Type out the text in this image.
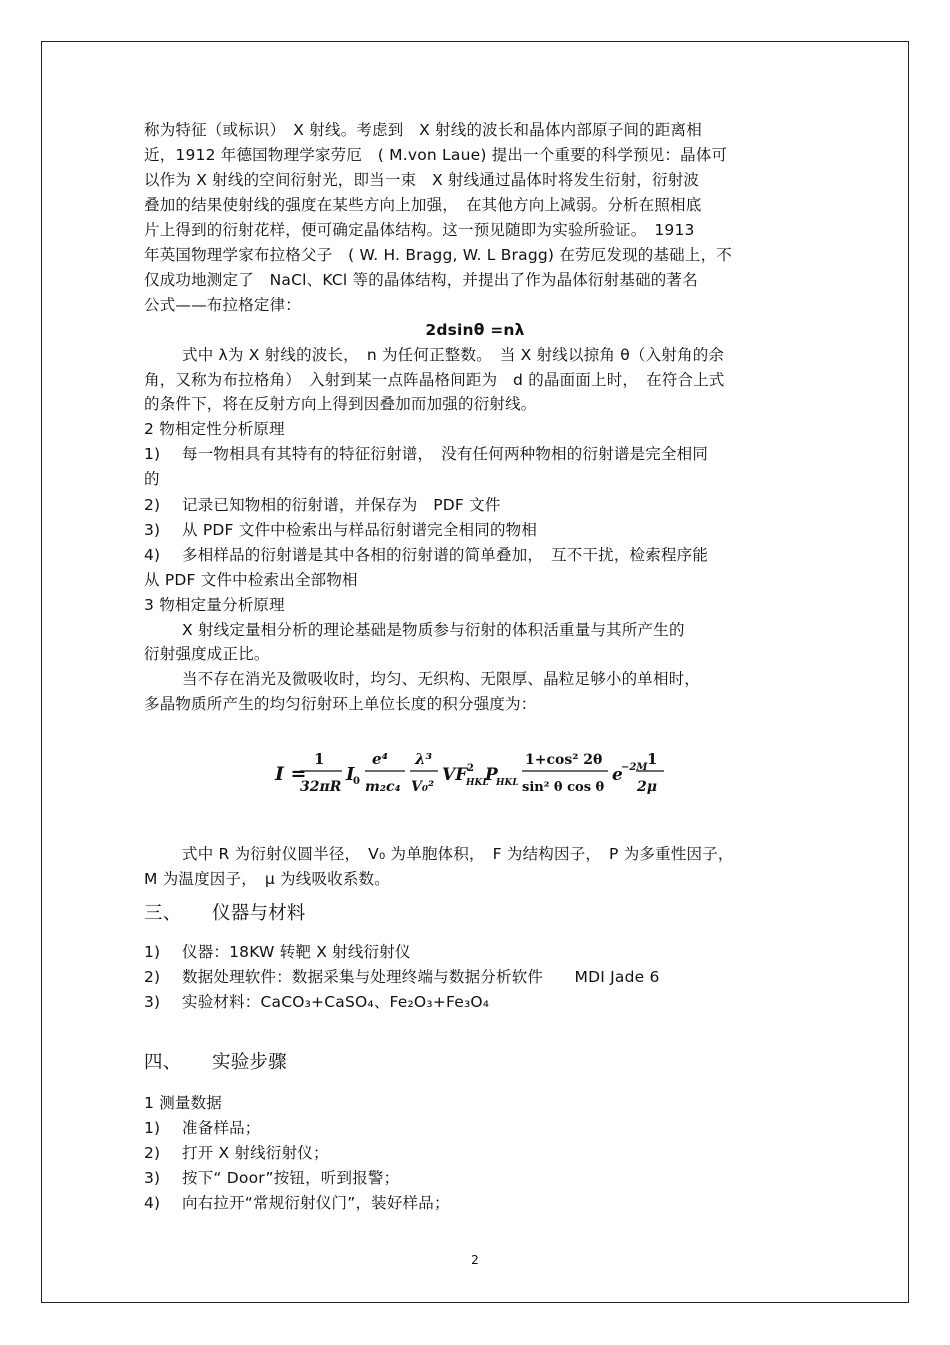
称为特征（或标识）　X 射线。考虑到　X 射线的波长和晶体内部原子间的距离相
近，1912 年德国物理学家劳厄　( M.von Laue) 提出一个重要的科学预见：晶体可
以作为 X 射线的空间衍射光，即当一束　X 射线通过晶体时将发生衍射，衍射波
叠加的结果使射线的强度在某些方向上加强，　在其他方向上减弱。分析在照相底
片上得到的衍射花样，便可确定晶体结构。这一预见随即为实验所验证。　1913
年英国物理学家布拉格父子　( W. H. Bragg, W. L Bragg) 在劳厄发现的基础上，不
仅成功地测定了　NaCl、KCl 等的晶体结构，并提出了作为晶体衍射基础的著名
公式——布拉格定律：
2dsinθ =nλ
式中 λ为 X 射线的波长，　n 为任何正整数。　当 X 射线以掠角 θ（入射角的余
角，又称为布拉格角）　入射到某一点阵晶格间距为　d 的晶面面上时，　在符合上式
的条件下，将在反射方向上得到因叠加而加强的衍射线。
2 物相定性分析原理
1) 每一物相具有其特有的特征衍射谱，　没有任何两种物相的衍射谱是完全相同
的
2) 记录已知物相的衍射谱，并保存为　PDF 文件
3) 从 PDF 文件中检索出与样品衍射谱完全相同的物相
4) 多相样品的衍射谱是其中各相的衍射谱的简单叠加，　互不干扰，检索程序能
从 PDF 文件中检索出全部物相
3 物相定量分析原理
X 射线定量相分析的理论基础是物质参与衍射的体积活重量与其所产生的
衍射强度成正比。
当不存在消光及微吸收时，均匀、无织构、无限厚、晶粒足够小的单相时，
多晶物质所产生的均匀衍射环上单位长度的积分强度为：
I =
1
32πR
I
0
e⁴
m₂c₄
λ³
V₀²
VF 2
HKL
P
HKL
1+cos² 2θ
sin² θ cos θ
e
−2M 1
2μ
式中 R 为衍射仪圆半径，　V₀ 为单胞体积，　F 为结构因子，　P 为多重性因子，
M 为温度因子，　μ 为线吸收系数。
三、 仪器与材料
1) 仪器：18KW 转靶 X 射线衍射仪
2) 数据处理软件：数据采集与处理终端与数据分析软件　　MDI Jade 6
3) 实验材料：CaCO₃+CaSO₄、Fe₂O₃+Fe₃O₄
四、 实验步骤
1 测量数据
1) 准备样品；
2) 打开 X 射线衍射仪；
3) 按下“ Door”按钮，听到报警；
4) 向右拉开“常规衍射仪门”，装好样品；
2
